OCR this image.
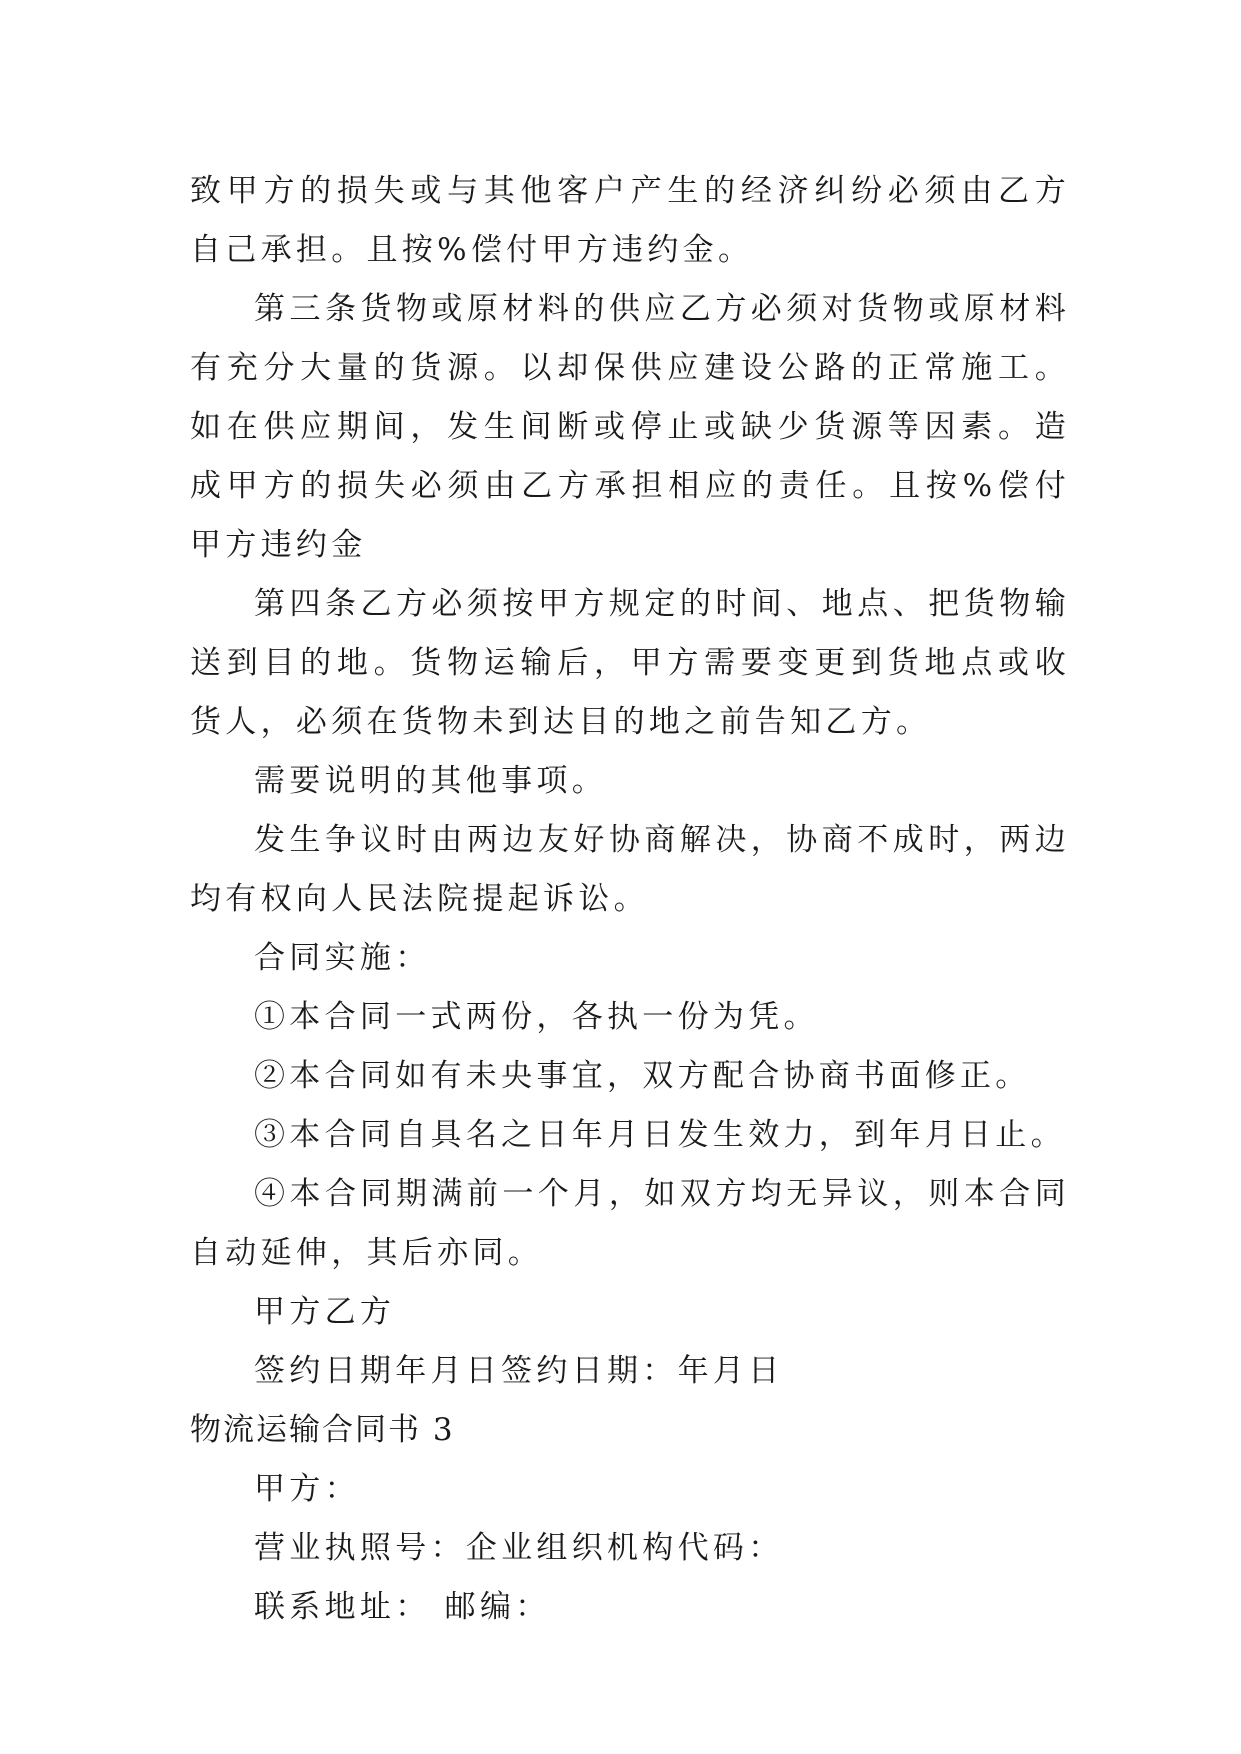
致甲方的损失或与其他客户产生的经济纠纷必须由乙方自己承担。且按%偿付甲方违约金。

第三条货物或原材料的供应乙方必须对货物或原材料有充分大量的货源。以却保供应建设公路的正常施工。如在供应期间，发生间断或停止或缺少货源等因素。造成甲方的损失必须由乙方承担相应的责任。且按%偿付甲方违约金

第四条乙方必须按甲方规定的时间、地点、把货物输送到目的地。货物运输后，甲方需要变更到货地点或收货人，必须在货物未到达目的地之前告知乙方。

需要说明的其他事项。

发生争议时由两边友好协商解决，协商不成时，两边均有权向人民法院提起诉讼。

合同实施：

①本合同一式两份，各执一份为凭。

②本合同如有未央事宜，双方配合协商书面修正。

③本合同自具名之日年月日发生效力，到年月日止。

④本合同期满前一个月，如双方均无异议，则本合同自动延伸，其后亦同。

甲方乙方

签约日期年月日签约日期：年月日

物流运输合同书 3

甲方：

营业执照号：企业组织机构代码：

联系地址： 邮编：
